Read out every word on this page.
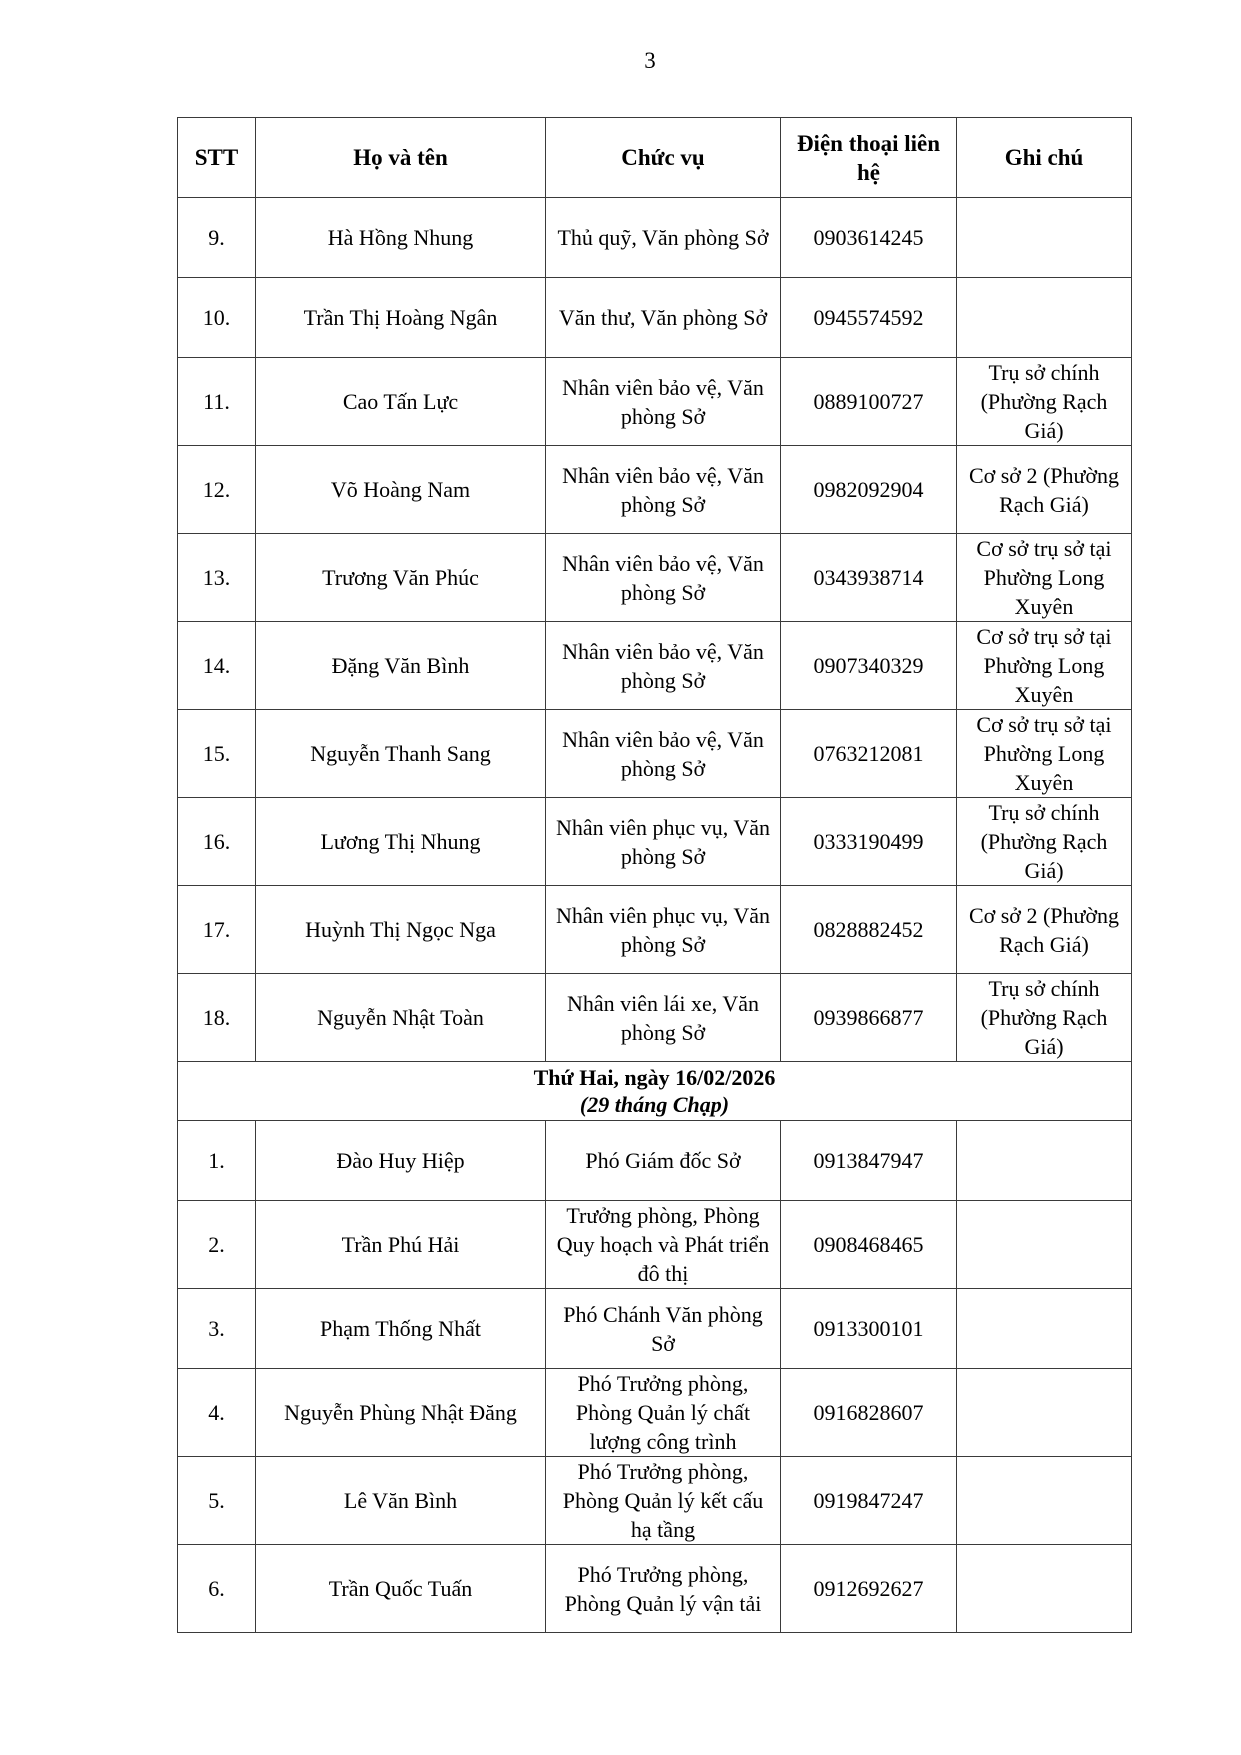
3
STT	Họ và tên	Chức vụ	Điện thoại liên hệ	Ghi chú
9.	Hà Hồng Nhung	Thủ quỹ, Văn phòng Sở	0903614245	
10.	Trần Thị Hoàng Ngân	Văn thư, Văn phòng Sở	0945574592	
11.	Cao Tấn Lực	Nhân viên bảo vệ, Văn phòng Sở	0889100727	Trụ sở chính (Phường Rạch Giá)
12.	Võ Hoàng Nam	Nhân viên bảo vệ, Văn phòng Sở	0982092904	Cơ sở 2 (Phường Rạch Giá)
13.	Trương Văn Phúc	Nhân viên bảo vệ, Văn phòng Sở	0343938714	Cơ sở trụ sở tại Phường Long Xuyên
14.	Đặng Văn Bình	Nhân viên bảo vệ, Văn phòng Sở	0907340329	Cơ sở trụ sở tại Phường Long Xuyên
15.	Nguyễn Thanh Sang	Nhân viên bảo vệ, Văn phòng Sở	0763212081	Cơ sở trụ sở tại Phường Long Xuyên
16.	Lương Thị Nhung	Nhân viên phục vụ, Văn phòng Sở	0333190499	Trụ sở chính (Phường Rạch Giá)
17.	Huỳnh Thị Ngọc Nga	Nhân viên phục vụ, Văn phòng Sở	0828882452	Cơ sở 2 (Phường Rạch Giá)
18.	Nguyễn Nhật Toàn	Nhân viên lái xe, Văn phòng Sở	0939866877	Trụ sở chính (Phường Rạch Giá)

Thứ Hai, ngày 16/02/2026
(29 tháng Chạp)				

1.	Đào Huy Hiệp	Phó Giám đốc Sở	0913847947	
2.	Trần Phú Hải	Trưởng phòng, Phòng Quy hoạch và Phát triển đô thị	0908468465	
3.	Phạm Thống Nhất	Phó Chánh Văn phòng Sở	0913300101	
4.	Nguyễn Phùng Nhật Đăng	Phó Trưởng phòng, Phòng Quản lý chất lượng công trình	0916828607	
5.	Lê Văn Bình	Phó Trưởng phòng, Phòng Quản lý kết cấu hạ tầng	0919847247	
6.	Trần Quốc Tuấn	Phó Trưởng phòng, Phòng Quản lý vận tải	0912692627	
